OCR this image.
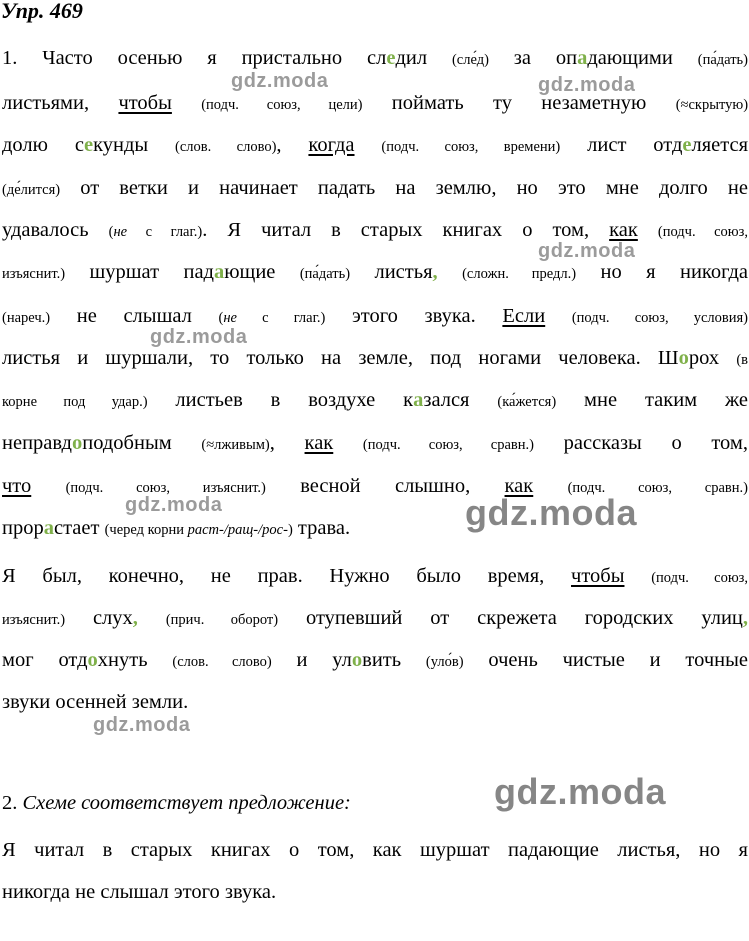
Упр. 469
1. Часто осенью я пристально следил (сле́д) за опадающими (па́дать)
листьями, чтобы (подч. союз, цели) поймать ту незаметную (≈скрытую)
долю секунды (слов. слово), когда (подч. союз, времени) лист отделяется
(де́лится) от ветки и начинает падать на землю, но это мне долго не
удавалось (не с глаг.). Я читал в старых книгах о том, как (подч. союз,
изъяснит.) шуршат падающие (па́дать) листья, (сложн. предл.) но я никогда
(нареч.) не слышал (не с глаг.) этого звука. Если (подч. союз, условия)
листья и шуршали, то только на земле, под ногами человека. Шорох (в
корне под удар.) листьев в воздухе казался (ка́жется) мне таким же
неправдоподобным (≈лживым), как (подч. союз, сравн.) рассказы о том,
что (подч. союз, изъяснит.) весной слышно, как (подч. союз, сравн.)
прорастает (черед корни раст-/ращ-/рос-) трава.
Я был, конечно, не прав. Нужно было время, чтобы (подч. союз,
изъяснит.) слух, (прич. оборот) отупевший от скрежета городских улиц,
мог отдохнуть (слов. слово) и уловить (уло́в) очень чистые и точные
звуки осенней земли.
2. Схеме соответствует предложение:
Я читал в старых книгах о том, как шуршат падающие листья, но я
никогда не слышал этого звука.
gdz.moda	gdz.moda
gdz.moda
gdz.moda
gdz.moda	gdz.moda
gdz.moda
gdz.moda
